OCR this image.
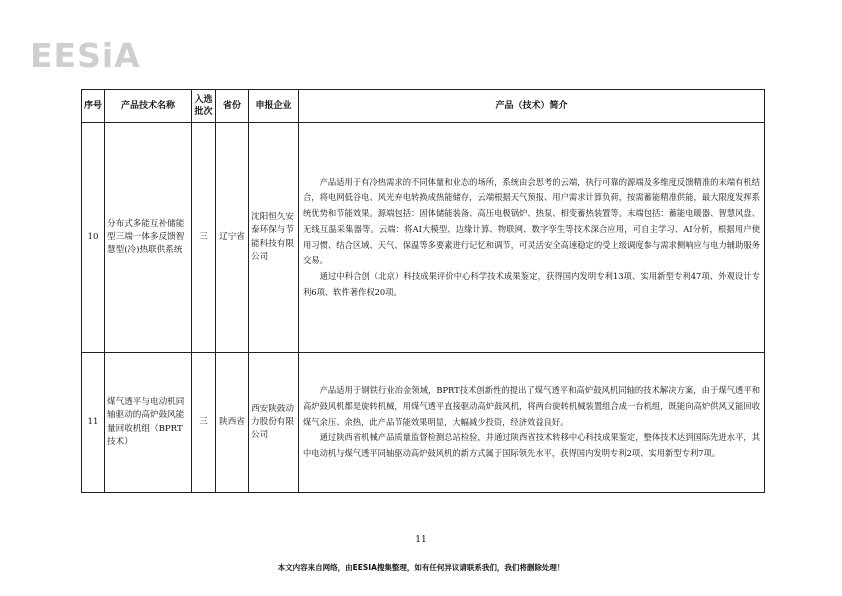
EESiA
序号	产品技术名称	入选批次	省份	申报企业	产品（技术）简介
10	分布式多能互补储能型三端一体多反馈智慧型(冷)热联供系统	三	辽宁省	沈阳恒久安泰环保与节能科技有限公司	产品适用于有冷热需求的不同体量和业态的场所，系统由会思考的云端，执行可靠的源端及多维度反馈精准的末端有机结合，将电网低谷电、风光弃电转换成热能储存，云端根据天气预报、用户需求计算负荷，按需蓄能精准供能，最大限度发挥系统优势和节能效果。源端包括：固体储能装备、高压电极锅炉、热泵、相变蓄热装置等。末端包括：蓄能电暖器、智慧风盘、无线互温采集器等。云端：将AI大模型、边缘计算、物联网、数字孪生等技术深合应用，可自主学习、AI分析，根据用户使用习惯、结合区域、天气、保温等多要素进行记忆和调节，可灵活安全高速稳定的受上级调度参与需求侧响应与电力辅助服务交易。

通过中科合创（北京）科技成果评价中心科学技术成果鉴定，获得国内发明专利13项、实用新型专利47项、外观设计专利6项、软件著作权20项。

11	煤气透平与电动机同轴驱动的高炉鼓风能量回收机组（BPRT技术）	三	陕西省	西安陕鼓动力股份有限公司	产品适用于钢铁行业冶金领域，BPRT技术创新性的提出了煤气透平和高炉鼓风机同轴的技术解决方案，由于煤气透平和高炉鼓风机都是旋转机械，用煤气透平直接驱动高炉鼓风机，将两台旋转机械装置组合成一台机组，既能向高炉供风又能回收煤气余压、余热，此产品节能效果明显，大幅减少投资，经济效益良好。

通过陕西省机械产品质量监督检测总站检验，并通过陕西省技术转移中心科技成果鉴定，整体技术达到国际先进水平，其中电动机与煤气透平同轴驱动高炉鼓风机的新方式属于国际领先水平，获得国内发明专利2项、实用新型专利7项。

11
本文内容来自网络，由EESIA搜集整理，如有任何异议请联系我们，我们将删除处理！
